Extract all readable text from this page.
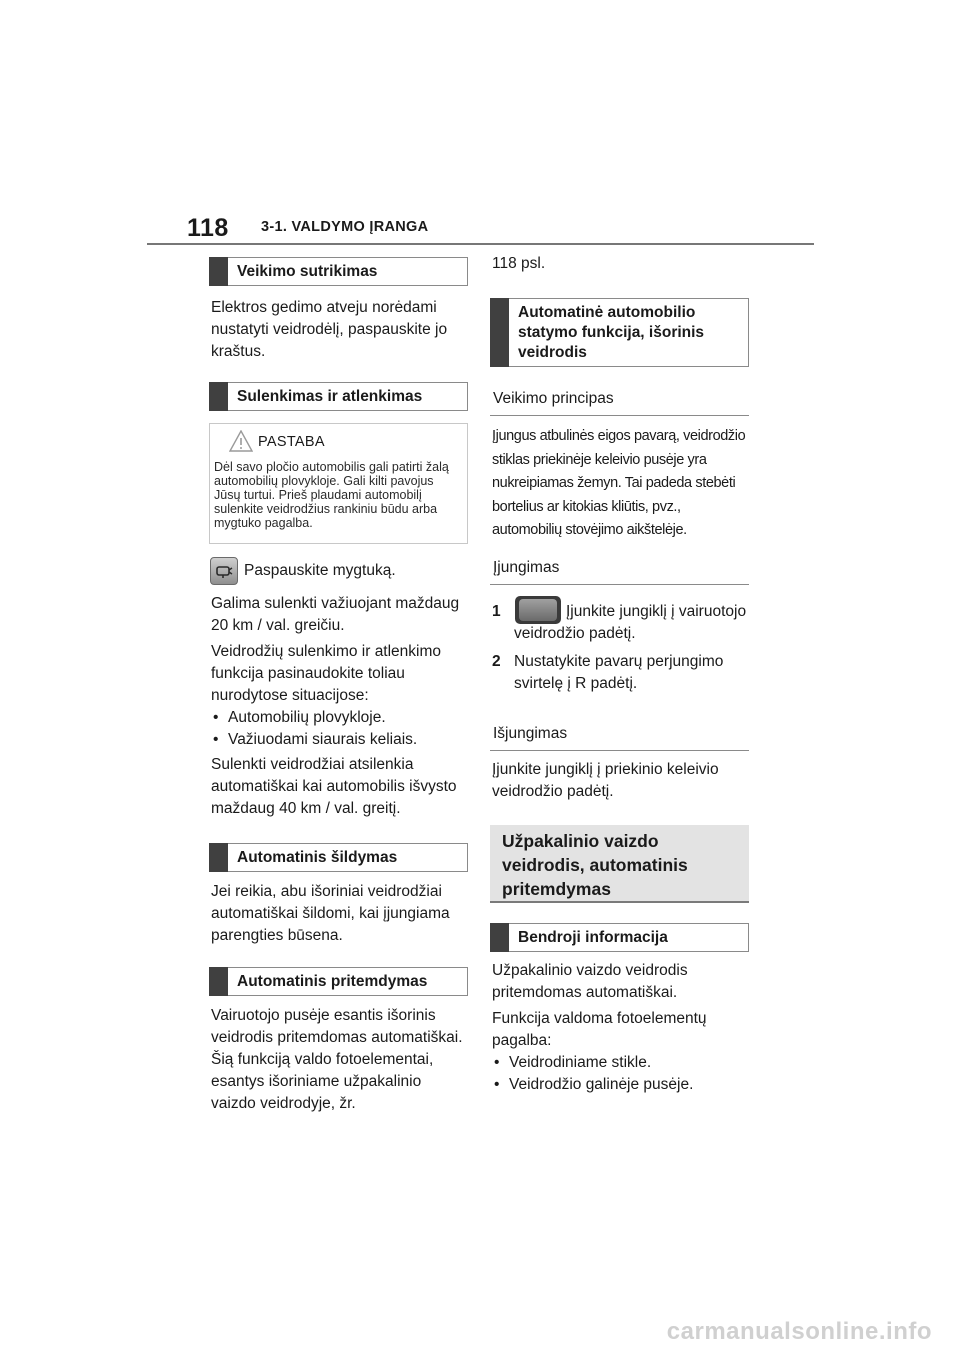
118 3-1. VALDYMO ĮRANGA
Veikimo sutrikimas

Elektros gedimo atveju norėdami nustatyti veidrodėlį, paspauskite jo kraštus.

Sulenkimas ir atlenkimas
PASTABA
Dėl savo pločio automobilis gali patirti žalą automobilių plovykloje. Gali kilti pavojus Jūsų turtui. Prieš plaudami automobilį sulenkite veidrodžius rankiniu būdu arba mygtuko pagalba.

Paspauskite mygtuką.

Galima sulenkti važiuojant maždaug 20 km / val. greičiu.

Veidrodžių sulenkimo ir atlenkimo funkcija pasinaudokite toliau nurodytose situacijose:

• Automobilių plovykloje.
• Važiuodami siaurais keliais.

Sulenkti veidrodžiai atsilenkia automatiškai kai automobilis išvysto maždaug 40 km / val. greitį.

Automatinis šildymas

Jei reikia, abu išoriniai veidrodžiai automatiškai šildomi, kai įjungiama parengties būsena.

Automatinis pritemdymas

Vairuotojo pusėje esantis išorinis veidrodis pritemdomas automatiškai. Šią funkciją valdo fotoelementai, esantys išoriniame užpakalinio vaizdo veidrodyje, žr.

118 psl.

Automatinė automobilio statymo funkcija, išorinis veidrodis
Veikimo principas

Įjungus atbulinės eigos pavarą, veidrodžio stiklas priekinėje keleivio pusėje yra nukreipiamas žemyn. Tai padeda stebėti bortelius ar kitokias kliūtis, pvz., automobilių stovėjimo aikštelėje.

Įjungimas
1	Įjunkite jungiklį į vairuotojo veidrodžio padėtį.
2 Nustatykite pavarų perjungimo svirtelę į R padėtį.
Išjungimas

Įjunkite jungiklį į priekinio keleivio veidrodžio padėtį.

Užpakalinio vaizdo veidrodis, automatinis pritemdymas
Bendroji informacija

Užpakalinio vaizdo veidrodis pritemdomas automatiškai.

Funkcija valdoma fotoelementų pagalba:

• Veidrodiniame stikle.
• Veidrodžio galinėje pusėje.
carmanualsonline.info
